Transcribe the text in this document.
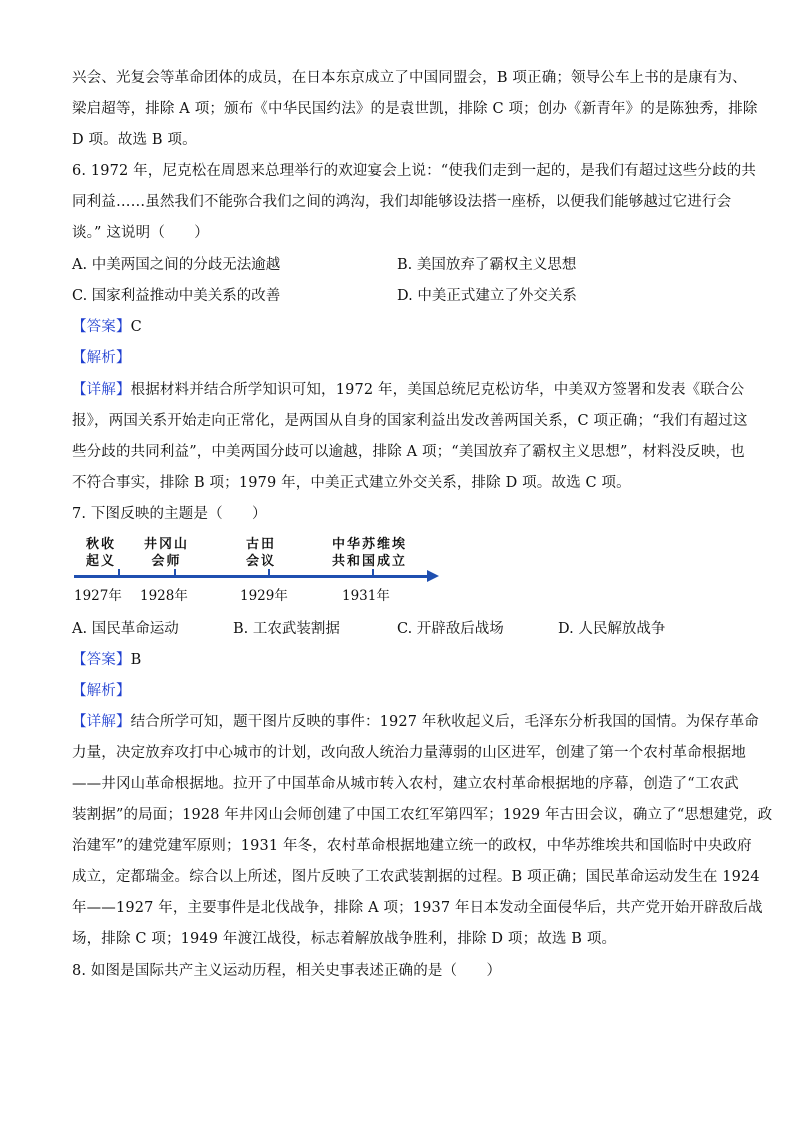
兴会、光复会等革命团体的成员，在日本东京成立了中国同盟会，B 项正确；领导公车上书的是康有为、
梁启超等，排除 A 项；颁布《中华民国约法》的是袁世凯，排除 C 项；创办《新青年》的是陈独秀，排除
D 项。故选 B 项。
6. 1972 年，尼克松在周恩来总理举行的欢迎宴会上说：“使我们走到一起的，是我们有超过这些分歧的共
同利益……虽然我们不能弥合我们之间的鸿沟，我们却能够设法搭一座桥，以便我们能够越过它进行会
谈。” 这说明（　　）
A. 中美两国之间的分歧无法逾越	B. 美国放弃了霸权主义思想
C. 国家利益推动中美关系的改善	D. 中美正式建立了外交关系
【答案】C
【解析】
【详解】根据材料并结合所学知识可知，1972 年，美国总统尼克松访华，中美双方签署和发表《联合公
报》，两国关系开始走向正常化，是两国从自身的国家利益出发改善两国关系，C 项正确；“我们有超过这
些分歧的共同利益”，中美两国分歧可以逾越，排除 A 项；“美国放弃了霸权主义思想”，材料没反映，也
不符合事实，排除 B 项；1979 年，中美正式建立外交关系，排除 D 项。故选 C 项。
7. 下图反映的主题是（　　）
秋收
起义
井冈山
会师
古田
会议
中华苏维埃
共和国成立
1927年 1928年	1929年	1931年
A. 国民革命运动	B. 工农武装割据	C. 开辟敌后战场	D. 人民解放战争
【答案】B
【解析】
【详解】结合所学可知，题干图片反映的事件：1927 年秋收起义后，毛泽东分析我国的国情。为保存革命
力量，决定放弃攻打中心城市的计划，改向敌人统治力量薄弱的山区进军，创建了第一个农村革命根据地
——井冈山革命根据地。拉开了中国革命从城市转入农村，建立农村革命根据地的序幕，创造了“工农武
装割据”的局面；1928 年井冈山会师创建了中国工农红军第四军；1929 年古田会议，确立了“思想建党，政
治建军”的建党建军原则；1931 年冬，农村革命根据地建立统一的政权，中华苏维埃共和国临时中央政府
成立，定都瑞金。综合以上所述，图片反映了工农武装割据的过程。B 项正确；国民革命运动发生在 1924
年——1927 年，主要事件是北伐战争，排除 A 项；1937 年日本发动全面侵华后，共产党开始开辟敌后战
场，排除 C 项；1949 年渡江战役，标志着解放战争胜利，排除 D 项；故选 B 项。
8. 如图是国际共产主义运动历程，相关史事表述正确的是（　　）
